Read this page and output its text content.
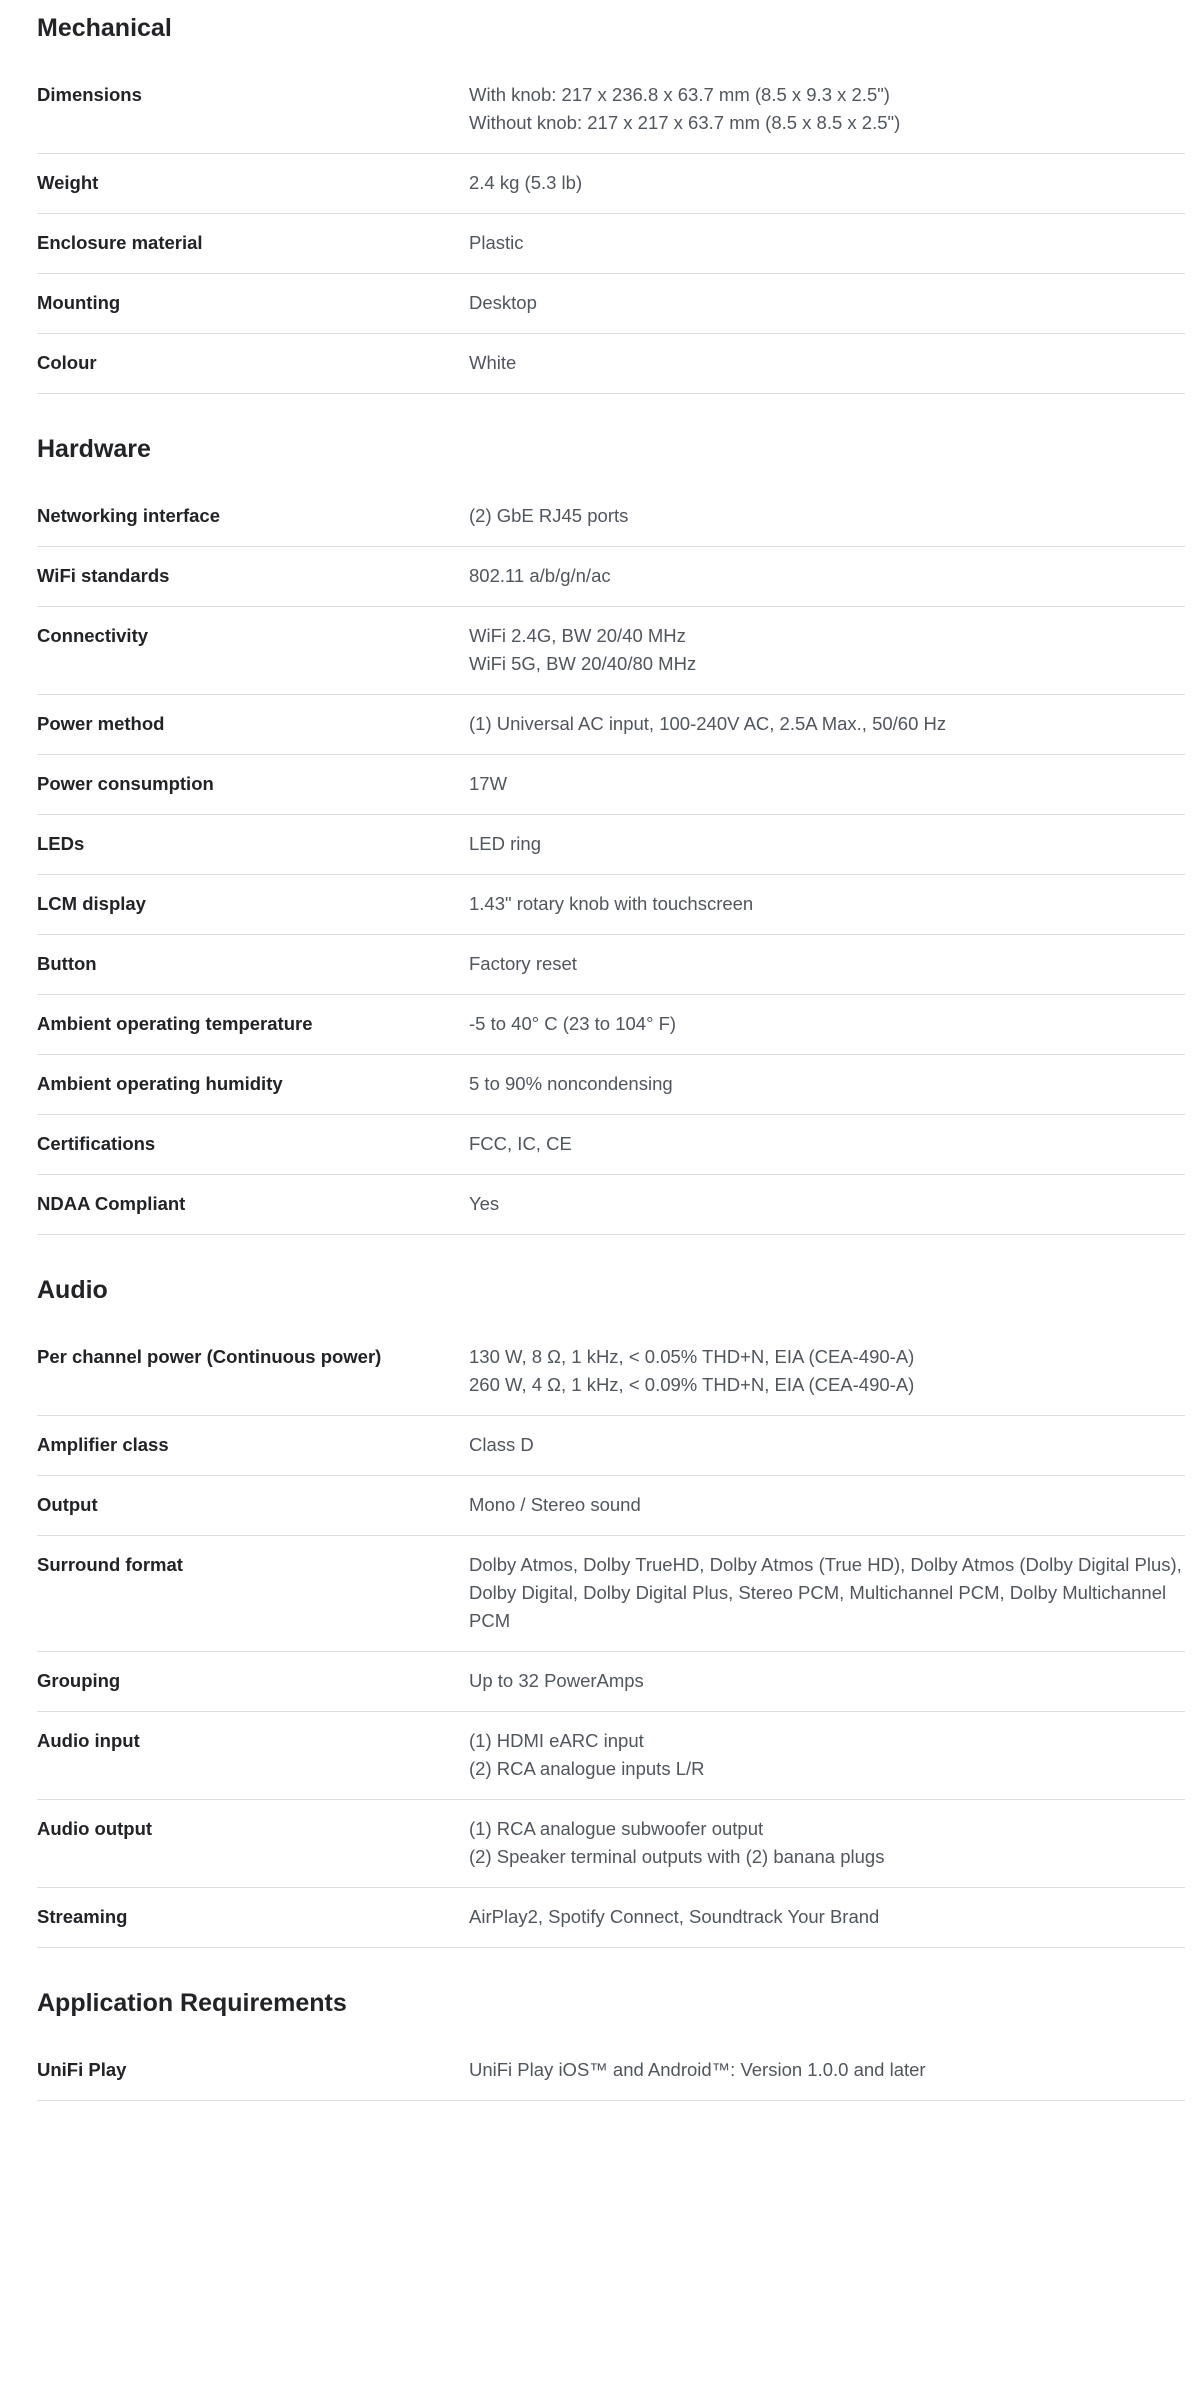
Mechanical
Dimensions	With knob: 217 x 236.8 x 63.7 mm (8.5 x 9.3 x 2.5")
Without knob: 217 x 217 x 63.7 mm (8.5 x 8.5 x 2.5")
Weight	2.4 kg (5.3 lb)
Enclosure material	Plastic
Mounting	Desktop
Colour	White
Hardware
Networking interface	(2) GbE RJ45 ports
WiFi standards	802.11 a/b/g/n/ac
Connectivity	WiFi 2.4G, BW 20/40 MHz
WiFi 5G, BW 20/40/80 MHz
Power method	(1) Universal AC input, 100-240V AC, 2.5A Max., 50/60 Hz
Power consumption	17W
LEDs	LED ring
LCM display	1.43" rotary knob with touchscreen
Button	Factory reset
Ambient operating temperature	-5 to 40° C (23 to 104° F)
Ambient operating humidity	5 to 90% noncondensing
Certifications	FCC, IC, CE
NDAA Compliant	Yes
Audio
Per channel power (Continuous power)	130 W, 8 Ω, 1 kHz, < 0.05% THD+N, EIA (CEA-490-A)
260 W, 4 Ω, 1 kHz, < 0.09% THD+N, EIA (CEA-490-A)
Amplifier class	Class D
Output	Mono / Stereo sound
Surround format	Dolby Atmos, Dolby TrueHD, Dolby Atmos (True HD), Dolby Atmos (Dolby Digital Plus), Dolby Digital, Dolby Digital Plus, Stereo PCM, Multichannel PCM, Dolby Multichannel PCM
Grouping	Up to 32 PowerAmps
Audio input	(1) HDMI eARC input
(2) RCA analogue inputs L/R
Audio output	(1) RCA analogue subwoofer output
(2) Speaker terminal outputs with (2) banana plugs
Streaming	AirPlay2, Spotify Connect, Soundtrack Your Brand
Application Requirements
UniFi Play	UniFi Play iOS™ and Android™: Version 1.0.0 and later
